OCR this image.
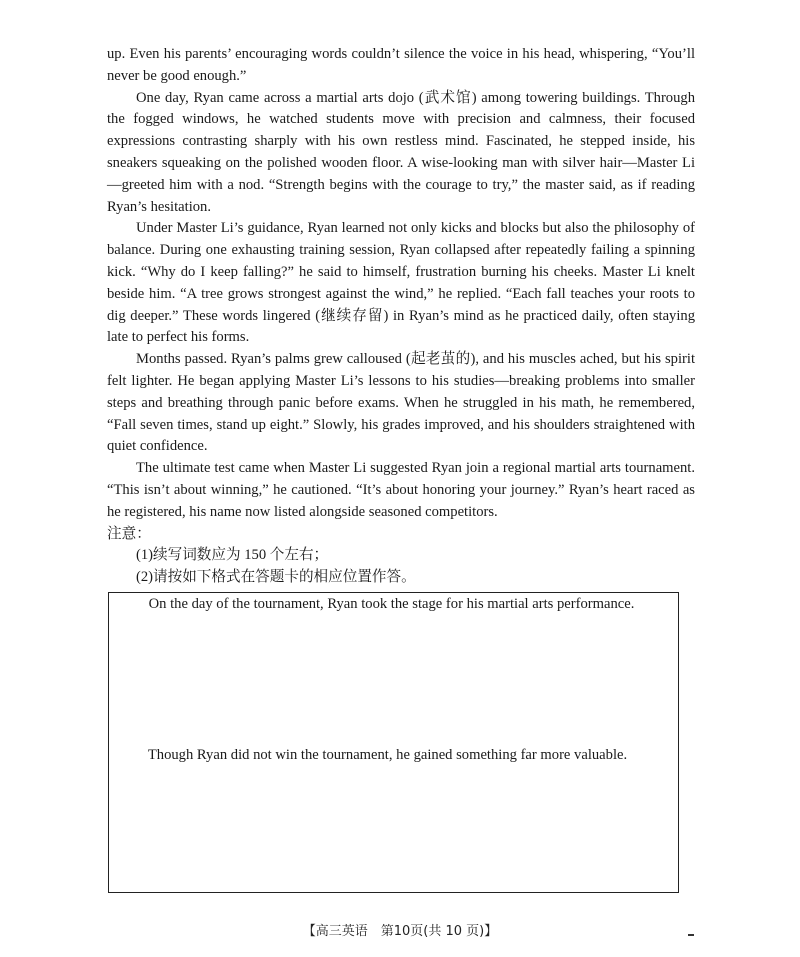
up. Even his parents’ encouraging words couldn’t silence the voice in his head, whispering, “You’ll never be good enough.”

One day, Ryan came across a martial arts dojo (武术馆) among towering buildings. Through the fogged windows, he watched students move with precision and calmness, their focused expressions contrasting sharply with his own restless mind. Fascinated, he stepped inside, his sneakers squeaking on the polished wooden floor. A wise-looking man with silver hair—Master Li—greeted him with a nod. “Strength begins with the courage to try,” the master said, as if reading Ryan’s hesitation.

Under Master Li’s guidance, Ryan learned not only kicks and blocks but also the philosophy of balance. During one exhausting training session, Ryan collapsed after repeatedly failing a spinning kick. “Why do I keep falling?” he said to himself, frustration burning his cheeks. Master Li knelt beside him. “A tree grows strongest against the wind,” he replied. “Each fall teaches your roots to dig deeper.” These words lingered (继续存留) in Ryan’s mind as he practiced daily, often staying late to perfect his forms.

Months passed. Ryan’s palms grew calloused (起老茧的), and his muscles ached, but his spirit felt lighter. He began applying Master Li’s lessons to his studies—breaking problems into smaller steps and breathing through panic before exams. When he struggled in his math, he remembered, “Fall seven times, stand up eight.” Slowly, his grades improved, and his shoulders straightened with quiet confidence.

The ultimate test came when Master Li suggested Ryan join a regional martial arts tournament. “This isn’t about winning,” he cautioned. “It’s about honoring your journey.” Ryan’s heart raced as he registered, his name now listed alongside seasoned competitors.

注意：

(1)续写词数应为 150 个左右；

(2)请按如下格式在答题卡的相应位置作答。

On the day of the tournament, Ryan took the stage for his martial arts performance.
Though Ryan did not win the tournament, he gained something far more valuable.
【高三英语　第10页(共 10 页)】
